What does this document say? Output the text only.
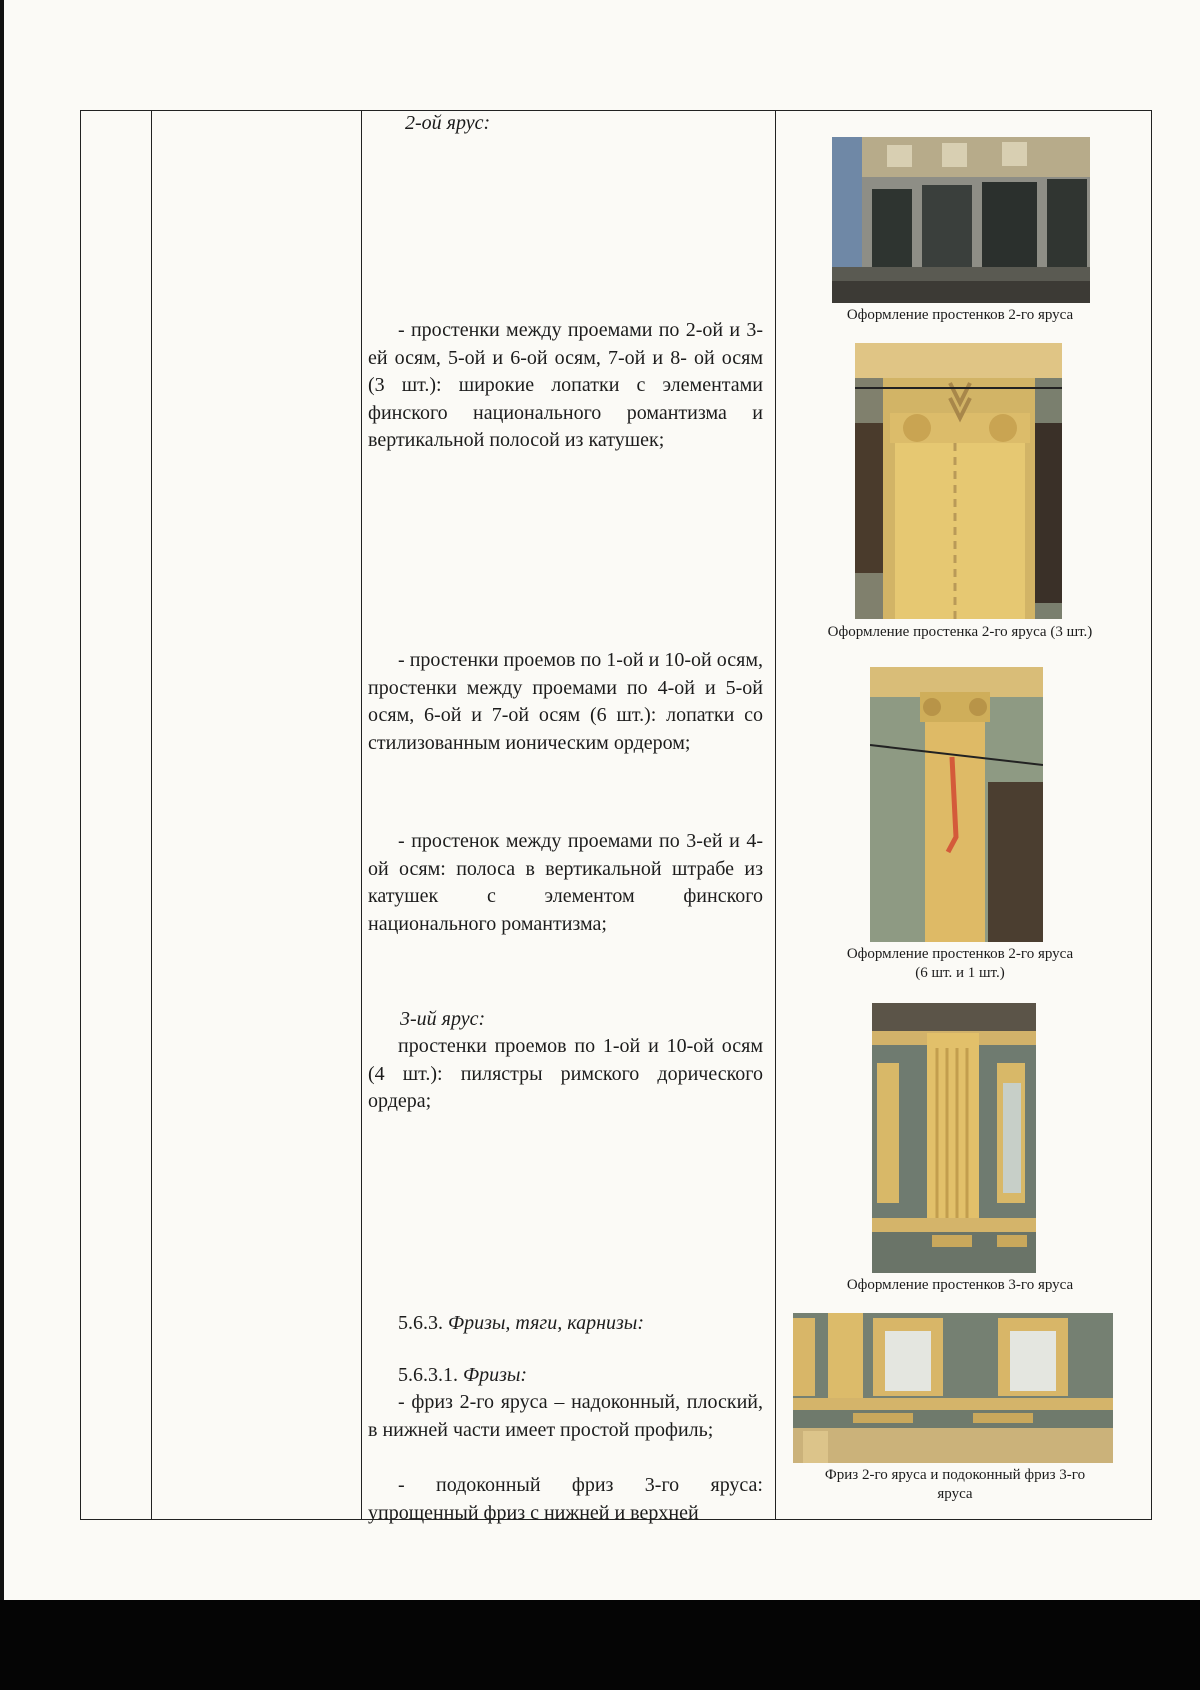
2-ой ярус:
- простенки между проемами по 2-ой и 3-ей осям, 5-ой и 6-ой осям, 7-ой и 8- ой осям (3 шт.): широкие лопатки с элементами финского национального романтизма и вертикальной полосой из катушек;
- простенки проемов по 1-ой и 10-ой осям, простенки между проемами по 4-ой и 5-ой осям, 6-ой и 7-ой осям (6 шт.): лопатки со стилизованным ионическим ордером;
- простенок между проемами по 3-ей и 4-ой осям: полоса в вертикальной штрабе из катушек с элементом финского национального романтизма;
3-ий ярус:
простенки проемов по 1-ой и 10-ой осям (4 шт.): пилястры римского дорического ордера;
5.6.3. Фризы, тяги, карнизы:
5.6.3.1. Фризы:
- фриз 2-го яруса – надоконный, плоский, в нижней части имеет простой профиль;
- подоконный фриз 3-го яруса: упрощенный фриз с нижней и верхней
Оформление простенков 2-го яруса
Оформление простенка 2-го яруса (3 шт.)
Оформление простенков 2-го яруса
(6 шт. и 1 шт.)
Оформление простенков 3-го яруса
Фриз 2-го яруса и подоконный фриз 3-го
яруса
